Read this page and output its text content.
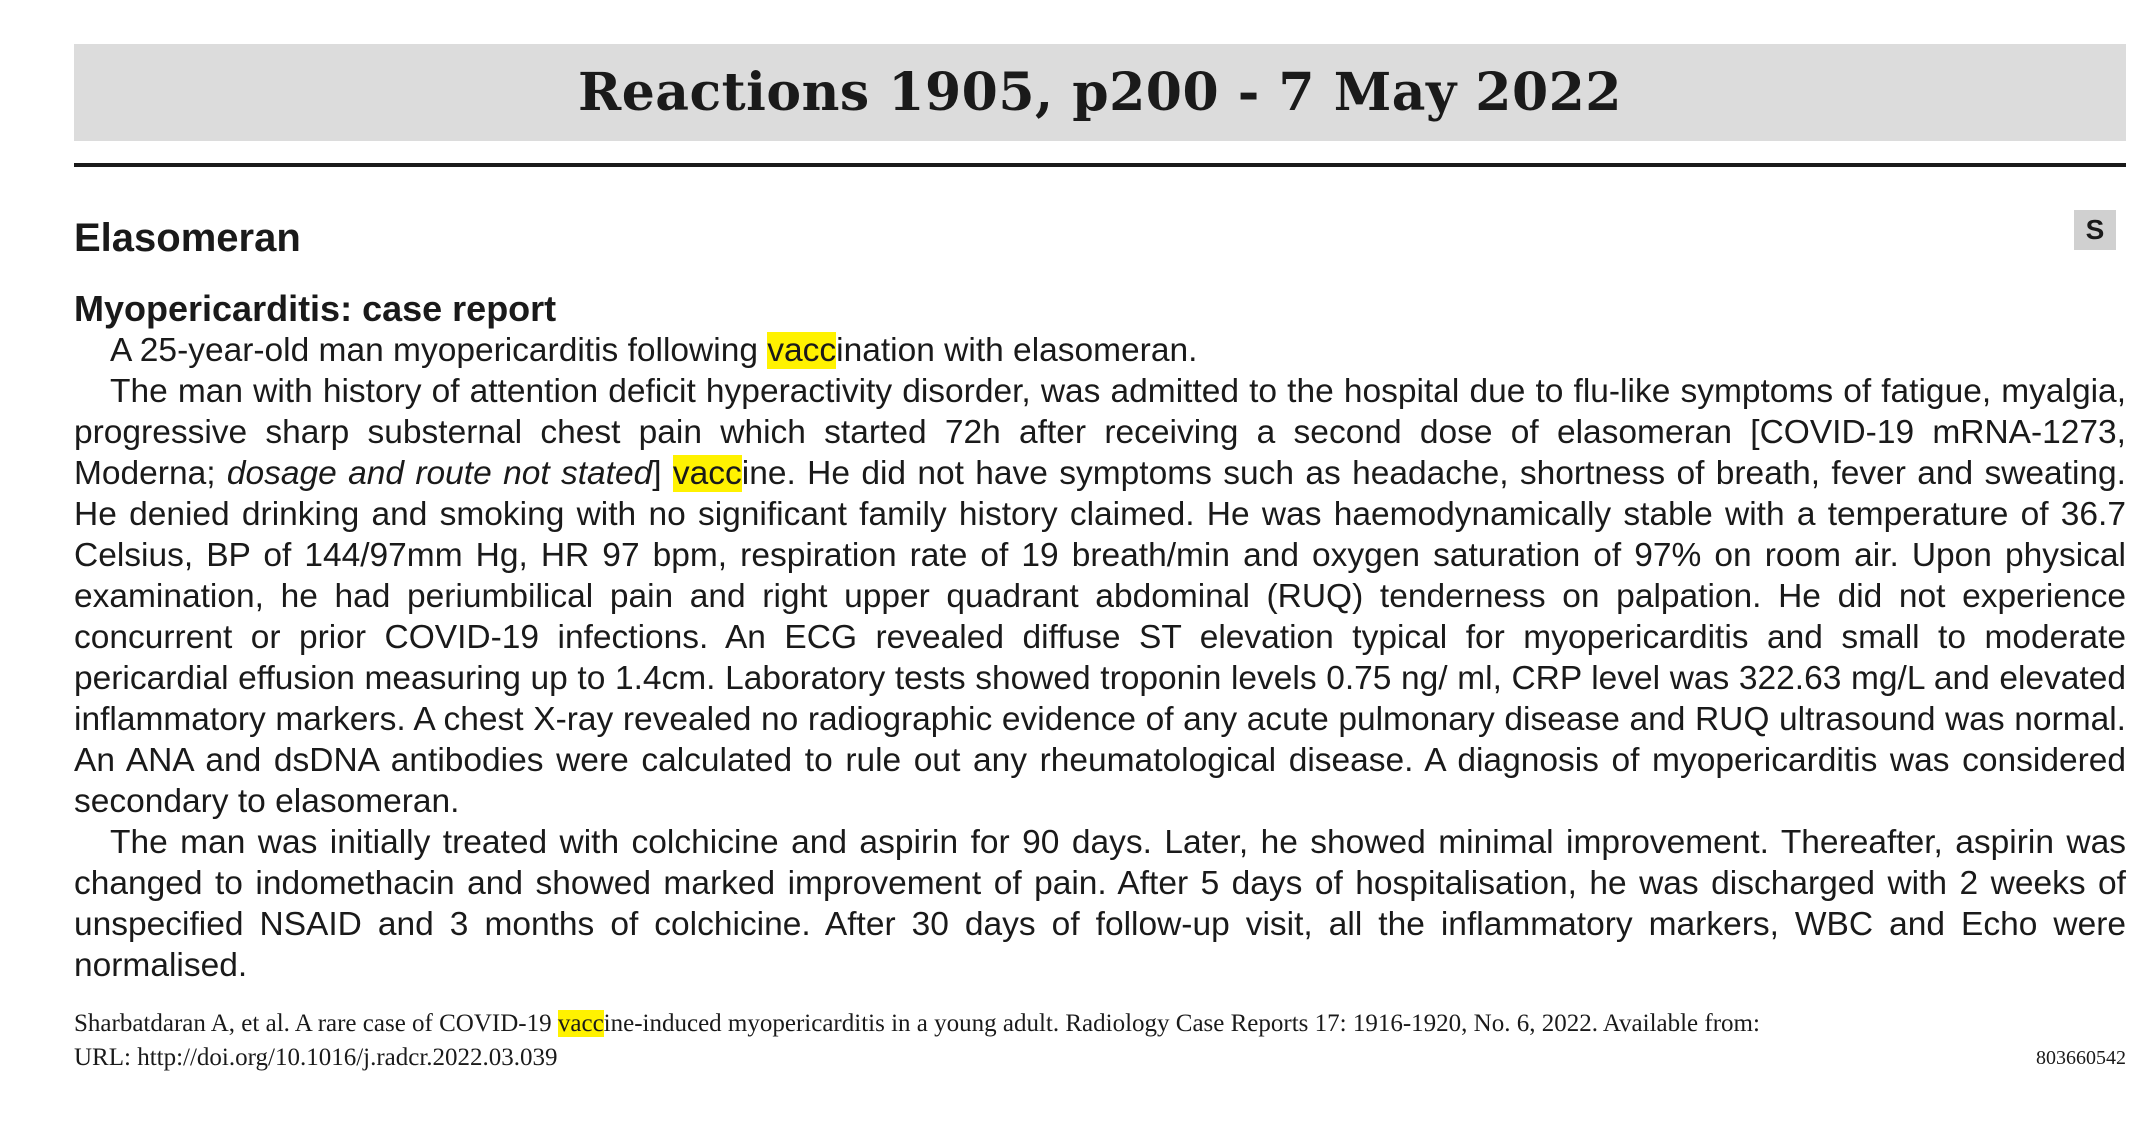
Reactions 1905, p200 - 7 May 2022
Elasomeran	S
Myopericarditis: case report

A 25-year-old man myopericarditis following vaccination with elasomeran.

The man with history of attention deficit hyperactivity disorder, was admitted to the hospital due to flu-like symptoms of fatigue, myalgia, progressive sharp substernal chest pain which started 72h after receiving a second dose of elasomeran [COVID-19 mRNA-1273, Moderna; dosage and route not stated] vaccine. He did not have symptoms such as headache, shortness of breath, fever and sweating. He denied drinking and smoking with no significant family history claimed. He was haemodynamically stable with a temperature of 36.7 Celsius, BP of 144/97mm Hg, HR 97 bpm, respiration rate of 19 breath/min and oxygen saturation of 97% on room air. Upon physical examination, he had periumbilical pain and right upper quadrant abdominal (RUQ) tenderness on palpation. He did not experience concurrent or prior COVID-19 infections. An ECG revealed diffuse ST elevation typical for myopericarditis and small to moderate pericardial effusion measuring up to 1.4cm. Laboratory tests showed troponin levels 0.75 ng/ ml, CRP level was 322.63 mg/L and elevated inflammatory markers. A chest X-ray revealed no radiographic evidence of any acute pulmonary disease and RUQ ultrasound was normal. An ANA and dsDNA antibodies were calculated to rule out any rheumatological disease. A diagnosis of myopericarditis was considered secondary to elasomeran.

The man was initially treated with colchicine and aspirin for 90 days. Later, he showed minimal improvement. Thereafter, aspirin was changed to indomethacin and showed marked improvement of pain. After 5 days of hospitalisation, he was discharged with 2 weeks of unspecified NSAID and 3 months of colchicine. After 30 days of follow-up visit, all the inflammatory markers, WBC and Echo were normalised.

Sharbatdaran A, et al. A rare case of COVID-19 vaccine-induced myopericarditis in a young adult. Radiology Case Reports 17: 1916-1920, No. 6, 2022. Available from:
URL: http://doi.org/10.1016/j.radcr.2022.03.039	803660542
